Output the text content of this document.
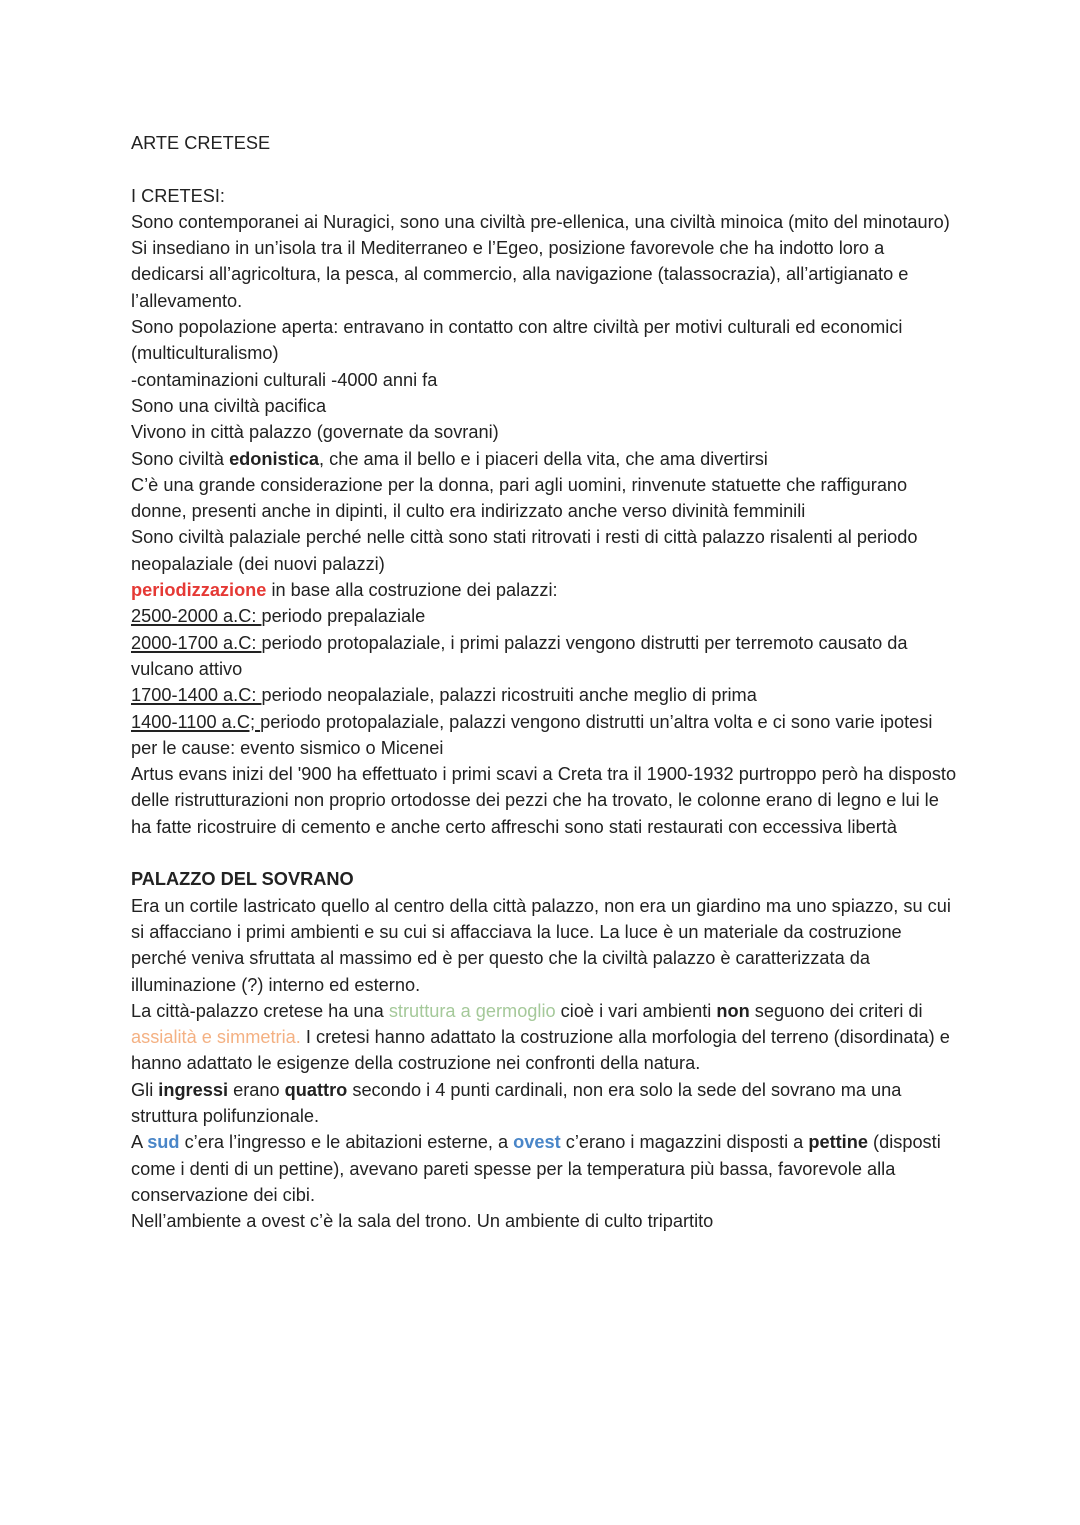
ARTE CRETESE

I CRETESI:

Sono contemporanei ai Nuragici, sono una civiltà pre-ellenica, una civiltà minoica (mito del minotauro)

Si insediano in un’isola tra il Mediterraneo e l’Egeo, posizione favorevole che ha indotto loro a dedicarsi all’agricoltura, la pesca, al commercio, alla navigazione (talassocrazia), all’artigianato e l’allevamento.

Sono popolazione aperta: entravano in contatto con altre civiltà per motivi culturali ed economici (multiculturalismo)

-contaminazioni culturali -4000 anni fa

Sono una civiltà pacifica

Vivono in città palazzo (governate da sovrani)

Sono civiltà edonistica, che ama il bello e i piaceri della vita, che ama divertirsi

C’è una grande considerazione per la donna, pari agli uomini, rinvenute statuette che raffigurano donne, presenti anche in dipinti, il culto era indirizzato anche verso divinità femminili

Sono civiltà palaziale perché nelle città sono stati ritrovati i resti di città palazzo risalenti al periodo neopalaziale (dei nuovi palazzi)

periodizzazione in base alla costruzione dei palazzi:

2500-2000 a.C: periodo prepalaziale

2000-1700 a.C: periodo protopalaziale, i primi palazzi vengono distrutti per terremoto causato da vulcano attivo

1700-1400 a.C: periodo neopalaziale, palazzi ricostruiti anche meglio di prima

1400-1100 a.C; periodo protopalaziale, palazzi vengono distrutti un’altra volta e ci sono varie ipotesi per le cause: evento sismico o Micenei

Artus evans inizi del '900 ha effettuato i primi scavi a Creta tra il 1900-1932 purtroppo però ha disposto delle ristrutturazioni non proprio ortodosse dei pezzi che ha trovato, le colonne erano di legno e lui le ha fatte ricostruire di cemento e anche certo affreschi sono stati restaurati con eccessiva libertà

PALAZZO DEL SOVRANO

Era un cortile lastricato quello al centro della città palazzo, non era un giardino ma uno spiazzo, su cui si affacciano i primi ambienti e su cui si affacciava la luce. La luce è un materiale da costruzione perché veniva sfruttata al massimo ed è per questo che la civiltà palazzo è caratterizzata da illuminazione (?) interno ed esterno.

La città-palazzo cretese ha una struttura a germoglio cioè i vari ambienti non seguono dei criteri di assialità e simmetria. I cretesi hanno adattato la costruzione alla morfologia del terreno (disordinata) e hanno adattato le esigenze della costruzione nei confronti della natura.

Gli ingressi erano quattro secondo i 4 punti cardinali, non era solo la sede del sovrano ma una struttura polifunzionale.

A sud c’era l’ingresso e le abitazioni esterne, a ovest c’erano i magazzini disposti a pettine (disposti come i denti di un pettine), avevano pareti spesse per la temperatura più bassa, favorevole alla conservazione dei cibi.

Nell’ambiente a ovest c’è la sala del trono. Un ambiente di culto tripartito
